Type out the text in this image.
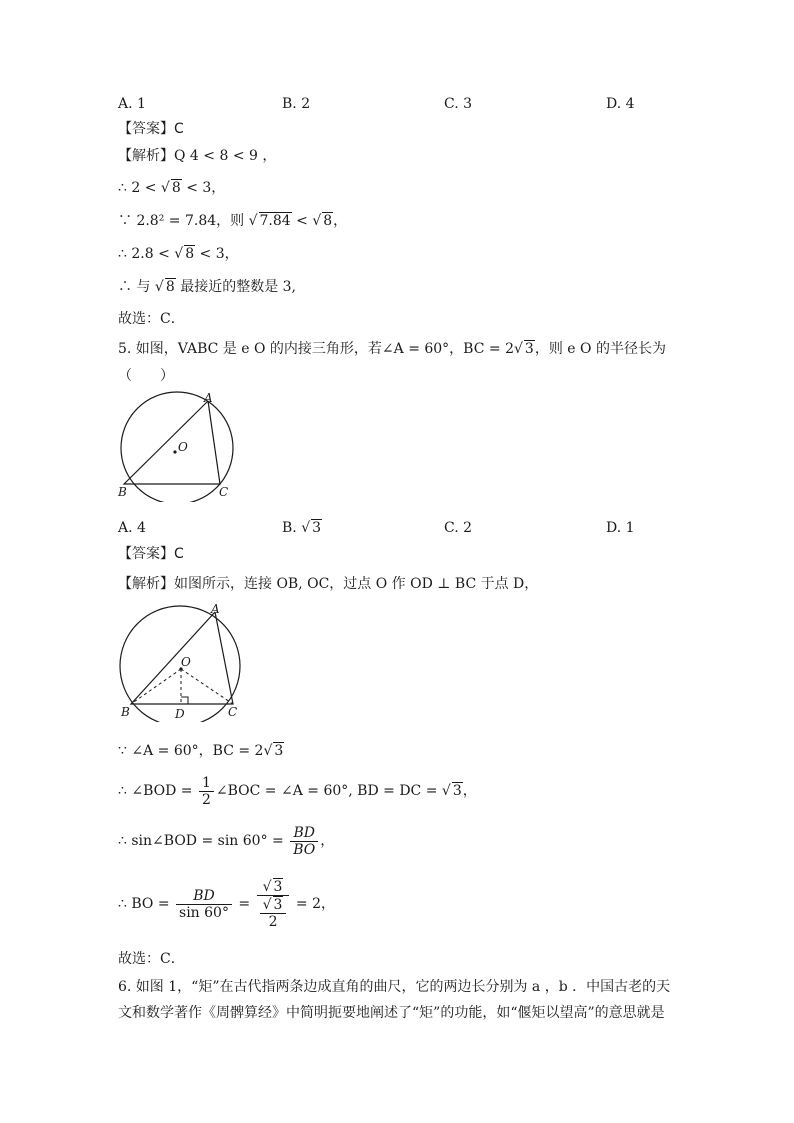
A. 1	B. 2	C. 3	D. 4
【答案】C
【解析】Q 4 < 8 < 9 ，
∴ 2 < √ 8 < 3，
∵ 2.8² = 7.84，则 √ 7.84 < √ 8，
∴ 2.8 < √ 8 < 3，
∴ 与 √ 8 最接近的整数是 3,
故选：C．
5. 如图，VABC 是 e O 的内接三角形，若∠A = 60°，BC = 2√ 3，则 e O 的半径长为
（　　）
A
O
B	C
A. 4	B. √ 3	C. 2	D. 1
【答案】C
【解析】如图所示，连接 OB, OC，过点 O 作 OD ⊥ BC 于点 D，
A
O
B	D	C
∵ ∠A = 60°，BC = 2√ 3
∴ ∠BOD = $\frac{1}{2}$ ∠BOC = ∠A = 60°, BD = DC = √ 3，
∴ sin∠BOD = $\sin 60^\circ = \frac{BD}{BO}$ ，
∴ BO = $\frac{BD}{\sin 60^\circ} = \frac{√ 3}{\frac{√ 3}{2}} = 2$，
故选：C．
6. 如图 1，“矩”在古代指两条边成直角的曲尺，它的两边长分别为 a ，b ．中国古老的天
文和数学著作《周髀算经》中简明扼要地阐述了“矩”的功能，如“偃矩以望高”的意思就是
